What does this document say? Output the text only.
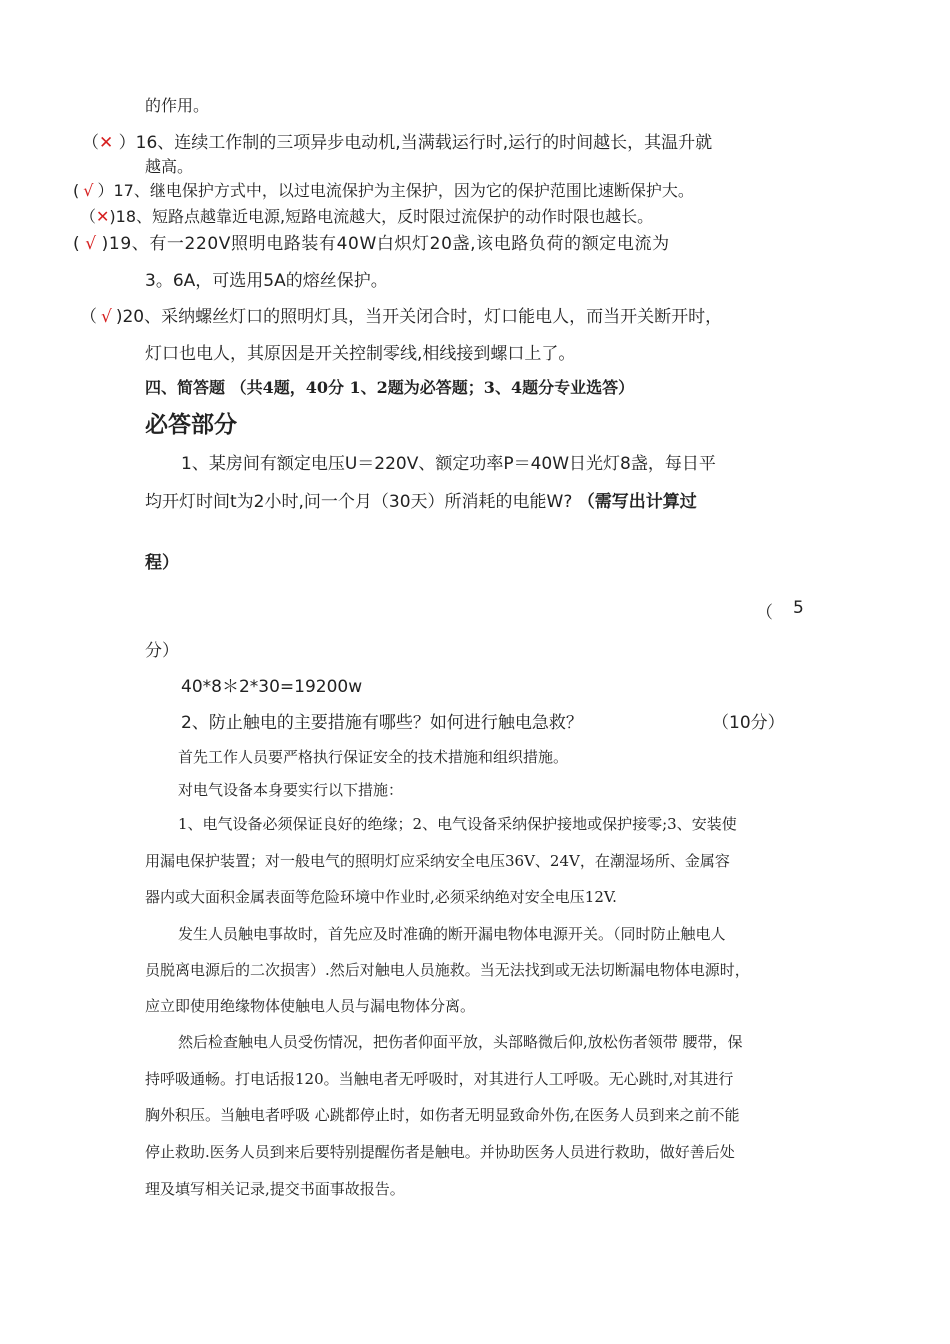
的作用。
（✕ ）16、连续工作制的三项异步电动机,当满载运行时,运行的时间越长，其温升就
越高。
( √ ）17、继电保护方式中，以过电流保护为主保护，因为它的保护范围比速断保护大。
（✕)18、短路点越靠近电源,短路电流越大，反时限过流保护的动作时限也越长。
( √ )19、有一220V照明电路装有40W白炽灯20盏,该电路负荷的额定电流为
3。6A，可选用5A的熔丝保护。
（ √ )20、采纳螺丝灯口的照明灯具，当开关闭合时，灯口能电人，而当开关断开时，
灯口也电人，其原因是开关控制零线,相线接到螺口上了。
四、简答题 （共4题，40分 1、2题为必答题；3、4题分专业选答）
必答部分
1、某房间有额定电压U＝220V、额定功率P＝40W日光灯8盏，每日平
均开灯时间t为2小时,问一个月（30天）所消耗的电能W? （需写出计算过
程）
（ 5
分）
40*8＊2*30=19200w
2、防止触电的主要措施有哪些？如何进行触电急救？	（10分）
首先工作人员要严格执行保证安全的技术措施和组织措施。
对电气设备本身要实行以下措施：
1、电气设备必须保证良好的绝缘；2、电气设备采纳保护接地或保护接零;3、安装使
用漏电保护装置；对一般电气的照明灯应采纳安全电压36V、24V，在潮湿场所、金属容
器内或大面积金属表面等危险环境中作业时,必须采纳绝对安全电压12V.
发生人员触电事故时，首先应及时准确的断开漏电物体电源开关。（同时防止触电人
员脱离电源后的二次损害）.然后对触电人员施救。当无法找到或无法切断漏电物体电源时，
应立即使用绝缘物体使触电人员与漏电物体分离。
然后检查触电人员受伤情况，把伤者仰面平放，头部略微后仰,放松伤者领带 腰带，保
持呼吸通畅。打电话报120。当触电者无呼吸时，对其进行人工呼吸。无心跳时,对其进行
胸外积压。当触电者呼吸 心跳都停止时，如伤者无明显致命外伤,在医务人员到来之前不能
停止救助.医务人员到来后要特别提醒伤者是触电。并协助医务人员进行救助，做好善后处
理及填写相关记录,提交书面事故报告。
